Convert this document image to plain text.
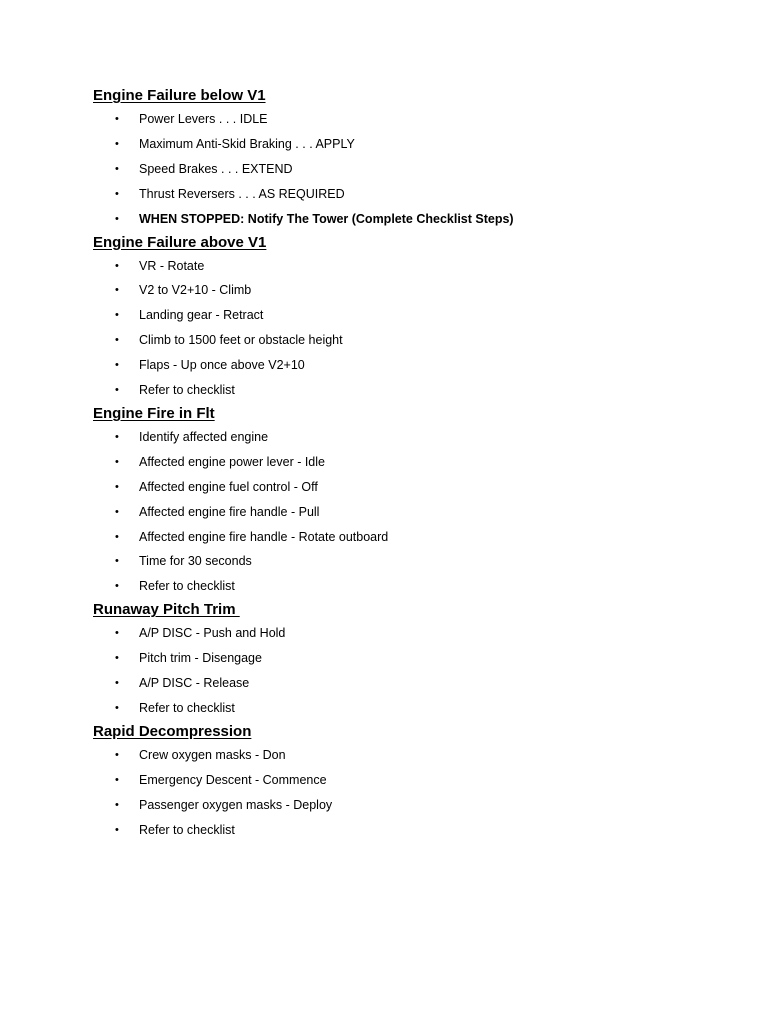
Engine Failure below V1
• Power Levers . . . IDLE
• Maximum Anti-Skid Braking . . . APPLY
• Speed Brakes . . . EXTEND
• Thrust Reversers . . . AS REQUIRED
• WHEN STOPPED: Notify The Tower (Complete Checklist Steps)
Engine Failure above V1
• VR - Rotate
• V2 to V2+10 - Climb
• Landing gear - Retract
• Climb to 1500 feet or obstacle height
• Flaps - Up once above V2+10
• Refer to checklist
Engine Fire in Flt
• Identify affected engine
• Affected engine power lever - Idle
• Affected engine fuel control - Off
• Affected engine fire handle - Pull
• Affected engine fire handle - Rotate outboard
• Time for 30 seconds
• Refer to checklist
Runaway Pitch Trim
• A/P DISC - Push and Hold
• Pitch trim - Disengage
• A/P DISC - Release
• Refer to checklist
Rapid Decompression
• Crew oxygen masks - Don
• Emergency Descent - Commence
• Passenger oxygen masks - Deploy
• Refer to checklist
